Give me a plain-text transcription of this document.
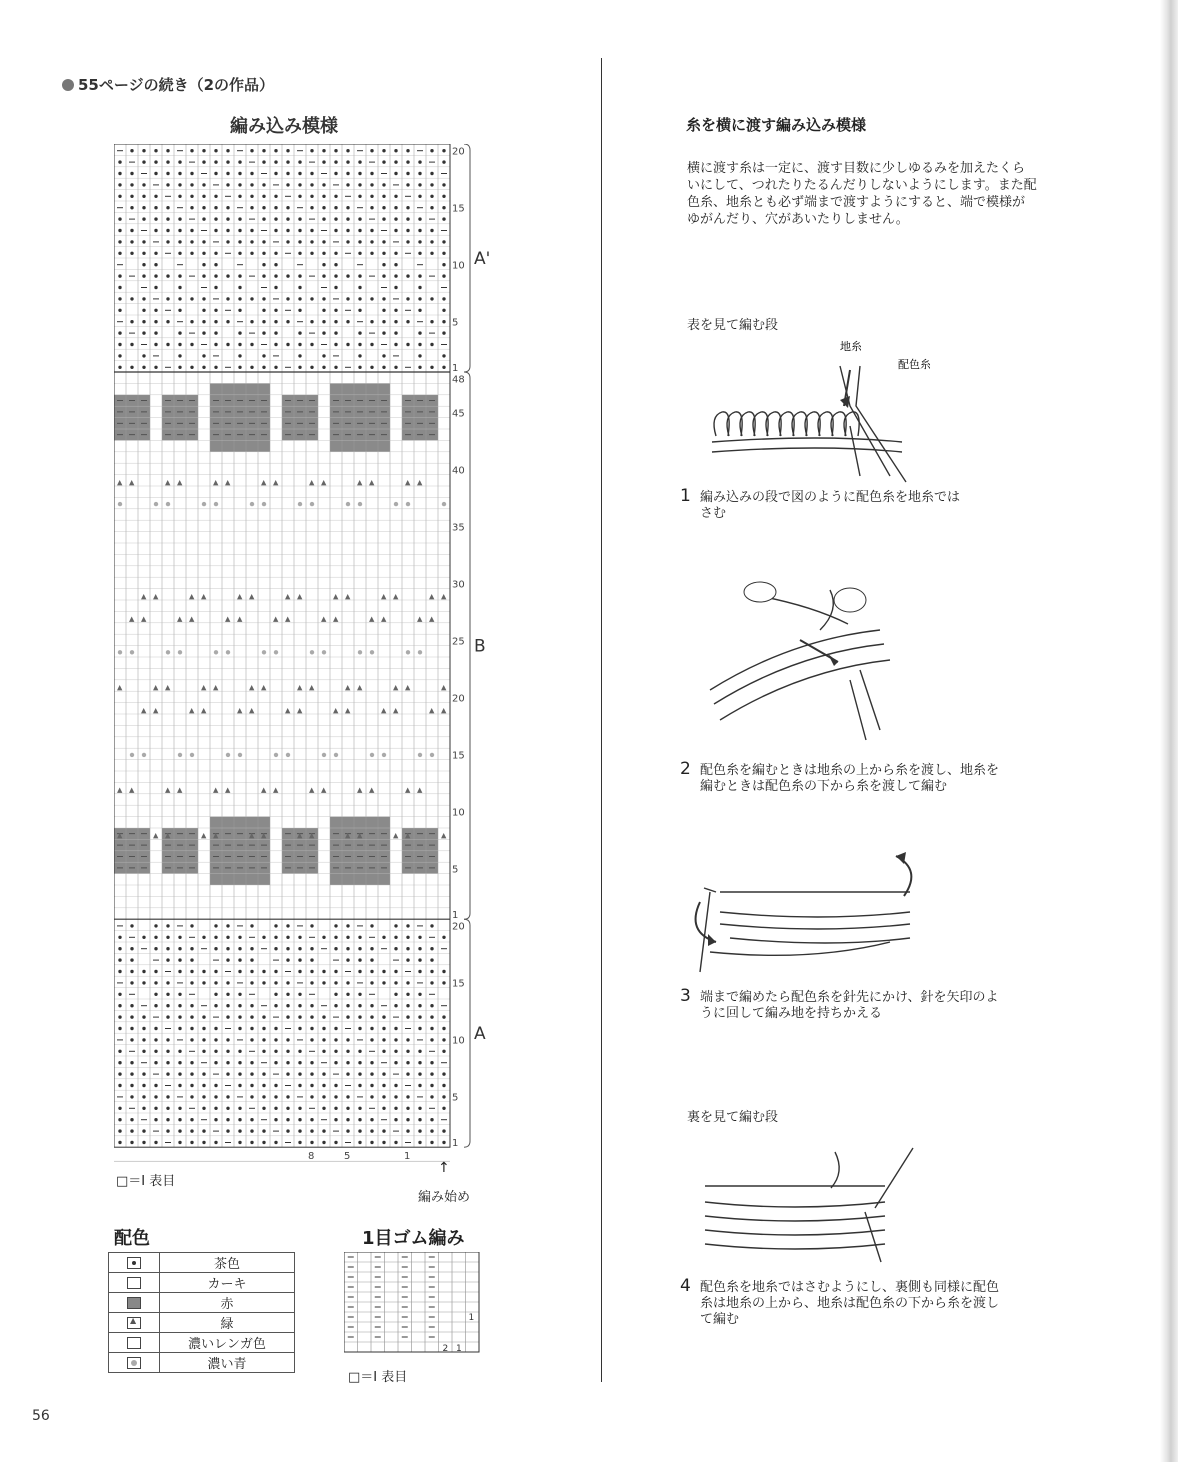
55ページの続き（2の作品）
編み込み模様
▲ ▲	▲ ▲	▲ ▲	▲ ▲	▲ ▲	▲ ▲	▲ ▲
▲ ▲	▲ ▲	▲ ▲	▲ ▲	▲ ▲	▲ ▲	▲ ▲
▲ ▲	▲ ▲	▲ ▲	▲ ▲	▲ ▲	▲ ▲	▲ ▲
▲	▲ ▲	▲ ▲	▲ ▲	▲ ▲	▲ ▲	▲ ▲	▲
▲ ▲	▲ ▲	▲ ▲	▲ ▲	▲ ▲	▲ ▲	▲ ▲
▲ ▲	▲ ▲	▲ ▲	▲ ▲	▲ ▲	▲ ▲	▲ ▲
▲	▲ ▲	▲ ▲	▲ ▲	▲ ▲	▲ ▲	▲ ▲	▲
20
15
10
5
1
48
45
40
35
30
25
20
15
10
5
1
20
15
10
5
1
A'
B
A
8	5	1
↑
編み始め
□＝Ⅰ 表目
配色
	茶色
	カーキ
	赤
▲	緑
	濃いレンガ色
	濃い青
1目ゴム編み
1
2 1
□＝Ⅰ 表目
56
糸を横に渡す編み込み模様
横に渡す糸は一定に、渡す目数に少しゆるみを加えたくらいにして、つれたりたるんだりしないようにします。また配色糸、地糸とも必ず端まで渡すようにすると、端で模様がゆがんだり、穴があいたりしません。
表を見て編む段
地糸
配色糸
1 編み込みの段で図のように配色糸を地糸ではさむ
2 配色糸を編むときは地糸の上から糸を渡し、地糸を編むときは配色糸の下から糸を渡して編む
3 端まで編めたら配色糸を針先にかけ、針を矢印のように回して編み地を持ちかえる
裏を見て編む段
4 配色糸を地糸ではさむようにし、裏側も同様に配色糸は地糸の上から、地糸は配色糸の下から糸を渡して編む
